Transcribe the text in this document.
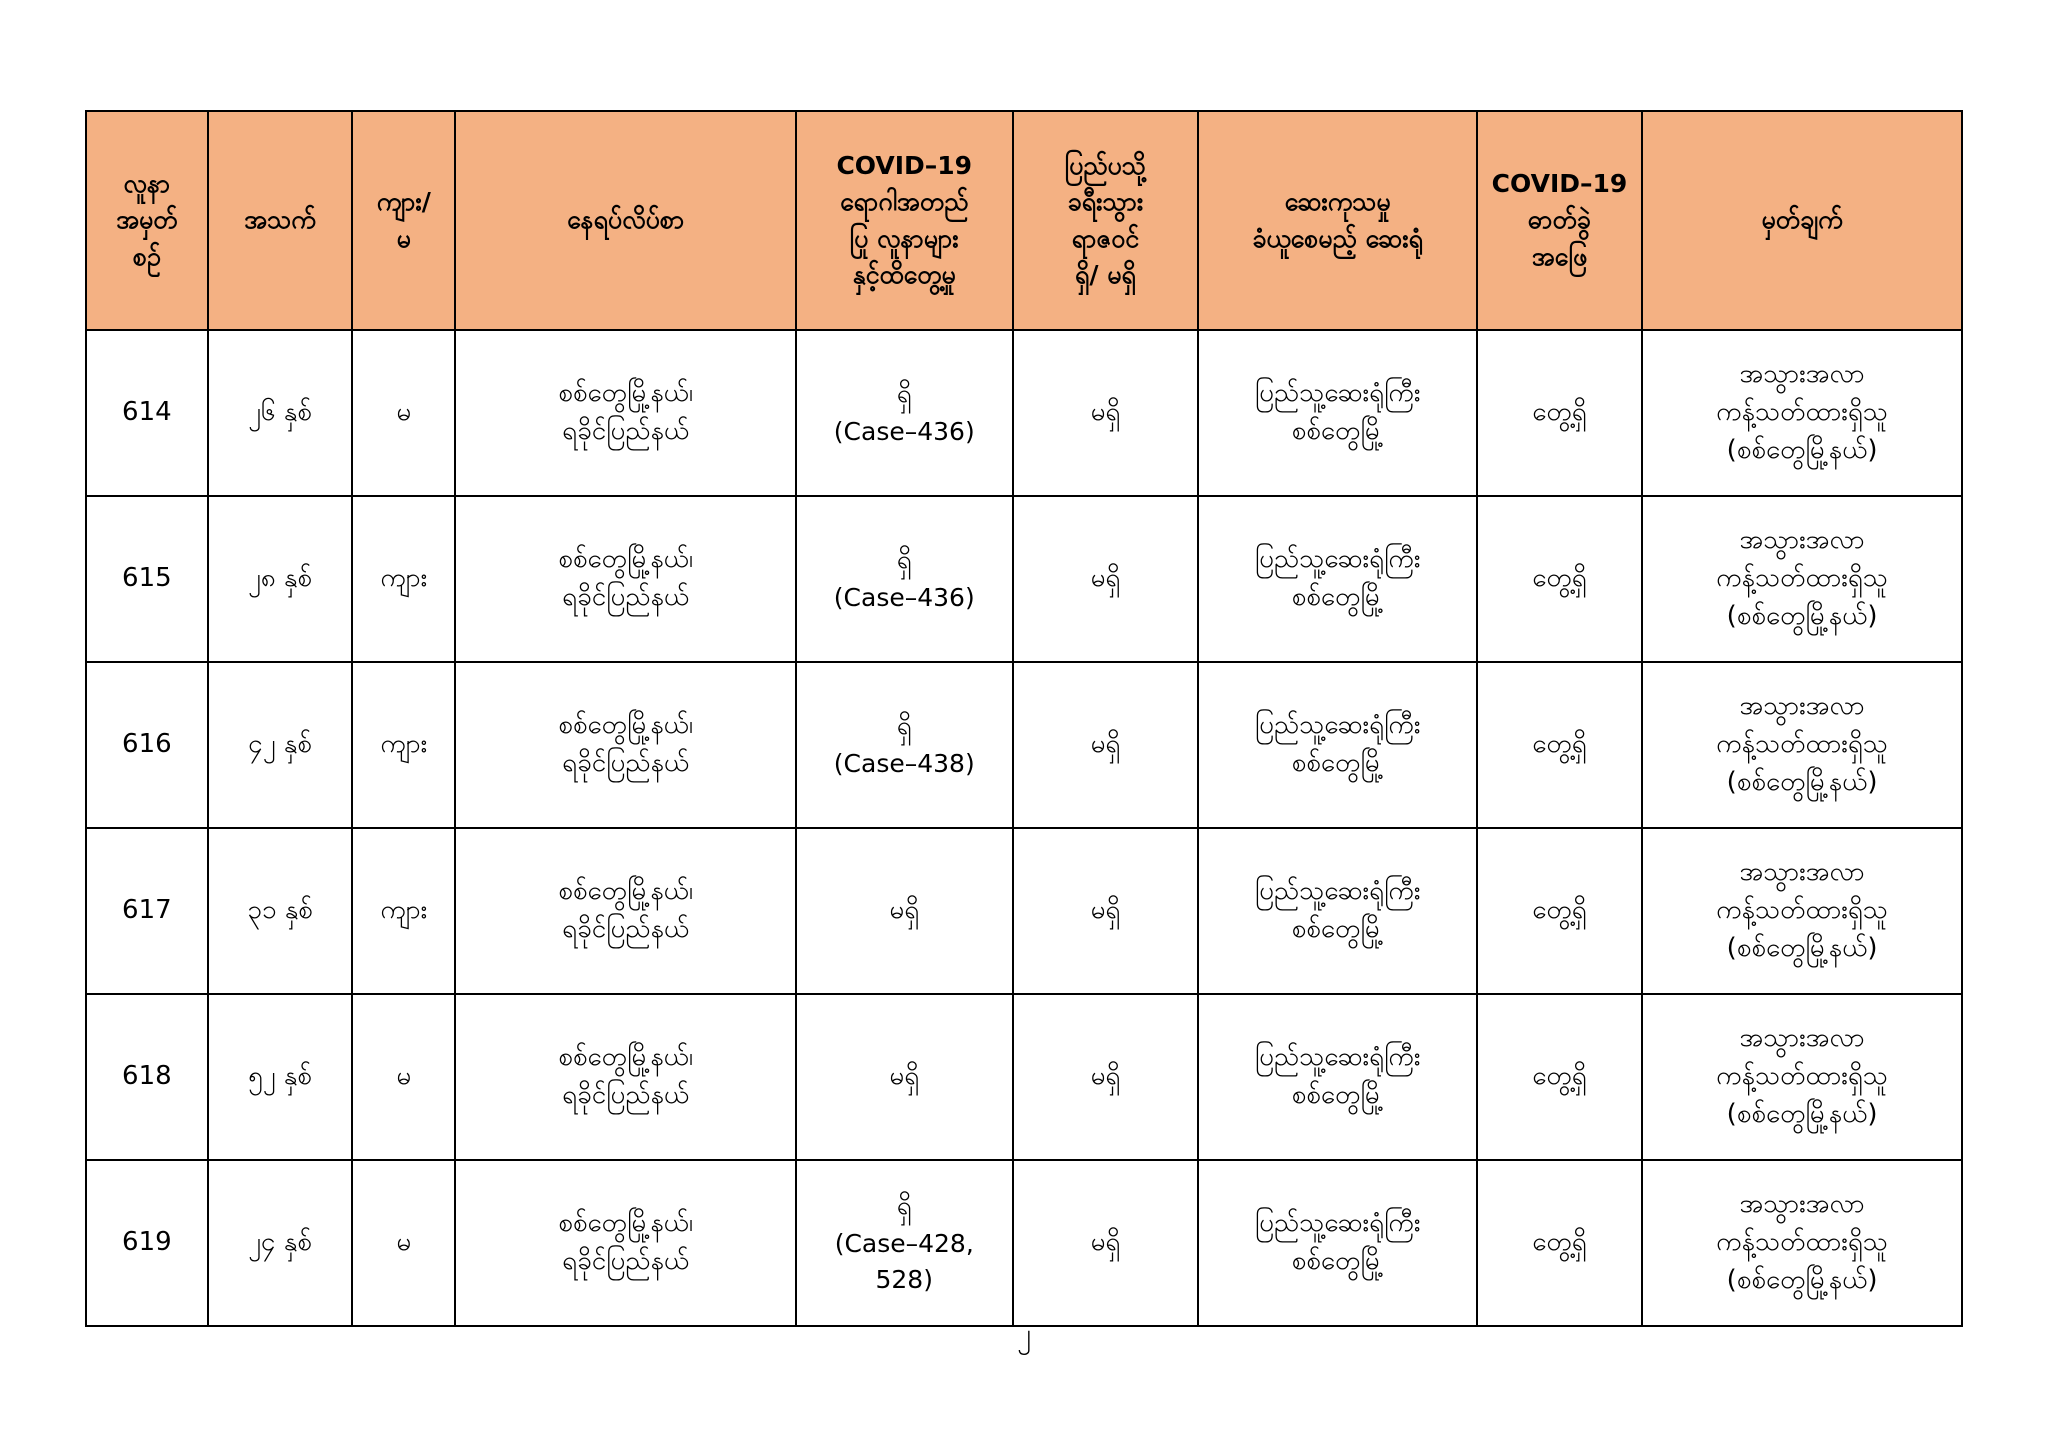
လူနာ
အမှတ်
စဉ်	အသက်	ကျား/
မ	နေရပ်လိပ်စာ	COVID–19
ရောဂါအတည်
ပြု လူနာများ
နှင့်ထိတွေ့မှု	ပြည်ပသို့
ခရီးသွား
ရာဇဝင်
ရှိ/ မရှိ	ဆေးကုသမှု
ခံယူစေမည့် ဆေးရုံ	COVID–19
ဓာတ်ခွဲ
အဖြေ	မှတ်ချက်

614	၂၆ နှစ်	မ	စစ်တွေမြို့နယ်၊
ရခိုင်ပြည်နယ်	ရှိ
(Case–436)	မရှိ	ပြည်သူ့ဆေးရုံကြီး
စစ်တွေမြို့	တွေ့ရှိ	အသွားအလာ
ကန့်သတ်ထားရှိသူ
(စစ်တွေမြို့နယ်)

615	၂၈ နှစ်	ကျား	စစ်တွေမြို့နယ်၊
ရခိုင်ပြည်နယ်	ရှိ
(Case–436)	မရှိ	ပြည်သူ့ဆေးရုံကြီး
စစ်တွေမြို့	တွေ့ရှိ	အသွားအလာ
ကန့်သတ်ထားရှိသူ
(စစ်တွေမြို့နယ်)

616	၄၂ နှစ်	ကျား	စစ်တွေမြို့နယ်၊
ရခိုင်ပြည်နယ်	ရှိ
(Case–438)	မရှိ	ပြည်သူ့ဆေးရုံကြီး
စစ်တွေမြို့	တွေ့ရှိ	အသွားအလာ
ကန့်သတ်ထားရှိသူ
(စစ်တွေမြို့နယ်)

617	၃၁ နှစ်	ကျား	စစ်တွေမြို့နယ်၊
ရခိုင်ပြည်နယ်	မရှိ	မရှိ	ပြည်သူ့ဆေးရုံကြီး
စစ်တွေမြို့	တွေ့ရှိ	အသွားအလာ
ကန့်သတ်ထားရှိသူ
(စစ်တွေမြို့နယ်)

618	၅၂ နှစ်	မ	စစ်တွေမြို့နယ်၊
ရခိုင်ပြည်နယ်	မရှိ	မရှိ	ပြည်သူ့ဆေးရုံကြီး
စစ်တွေမြို့	တွေ့ရှိ	အသွားအလာ
ကန့်သတ်ထားရှိသူ
(စစ်တွေမြို့နယ်)

619	၂၄ နှစ်	မ	စစ်တွေမြို့နယ်၊
ရခိုင်ပြည်နယ်	ရှိ
(Case–428,
528)	မရှိ	ပြည်သူ့ဆေးရုံကြီး
စစ်တွေမြို့	တွေ့ရှိ	အသွားအလာ
ကန့်သတ်ထားရှိသူ
(စစ်တွေမြို့နယ်)
၂
